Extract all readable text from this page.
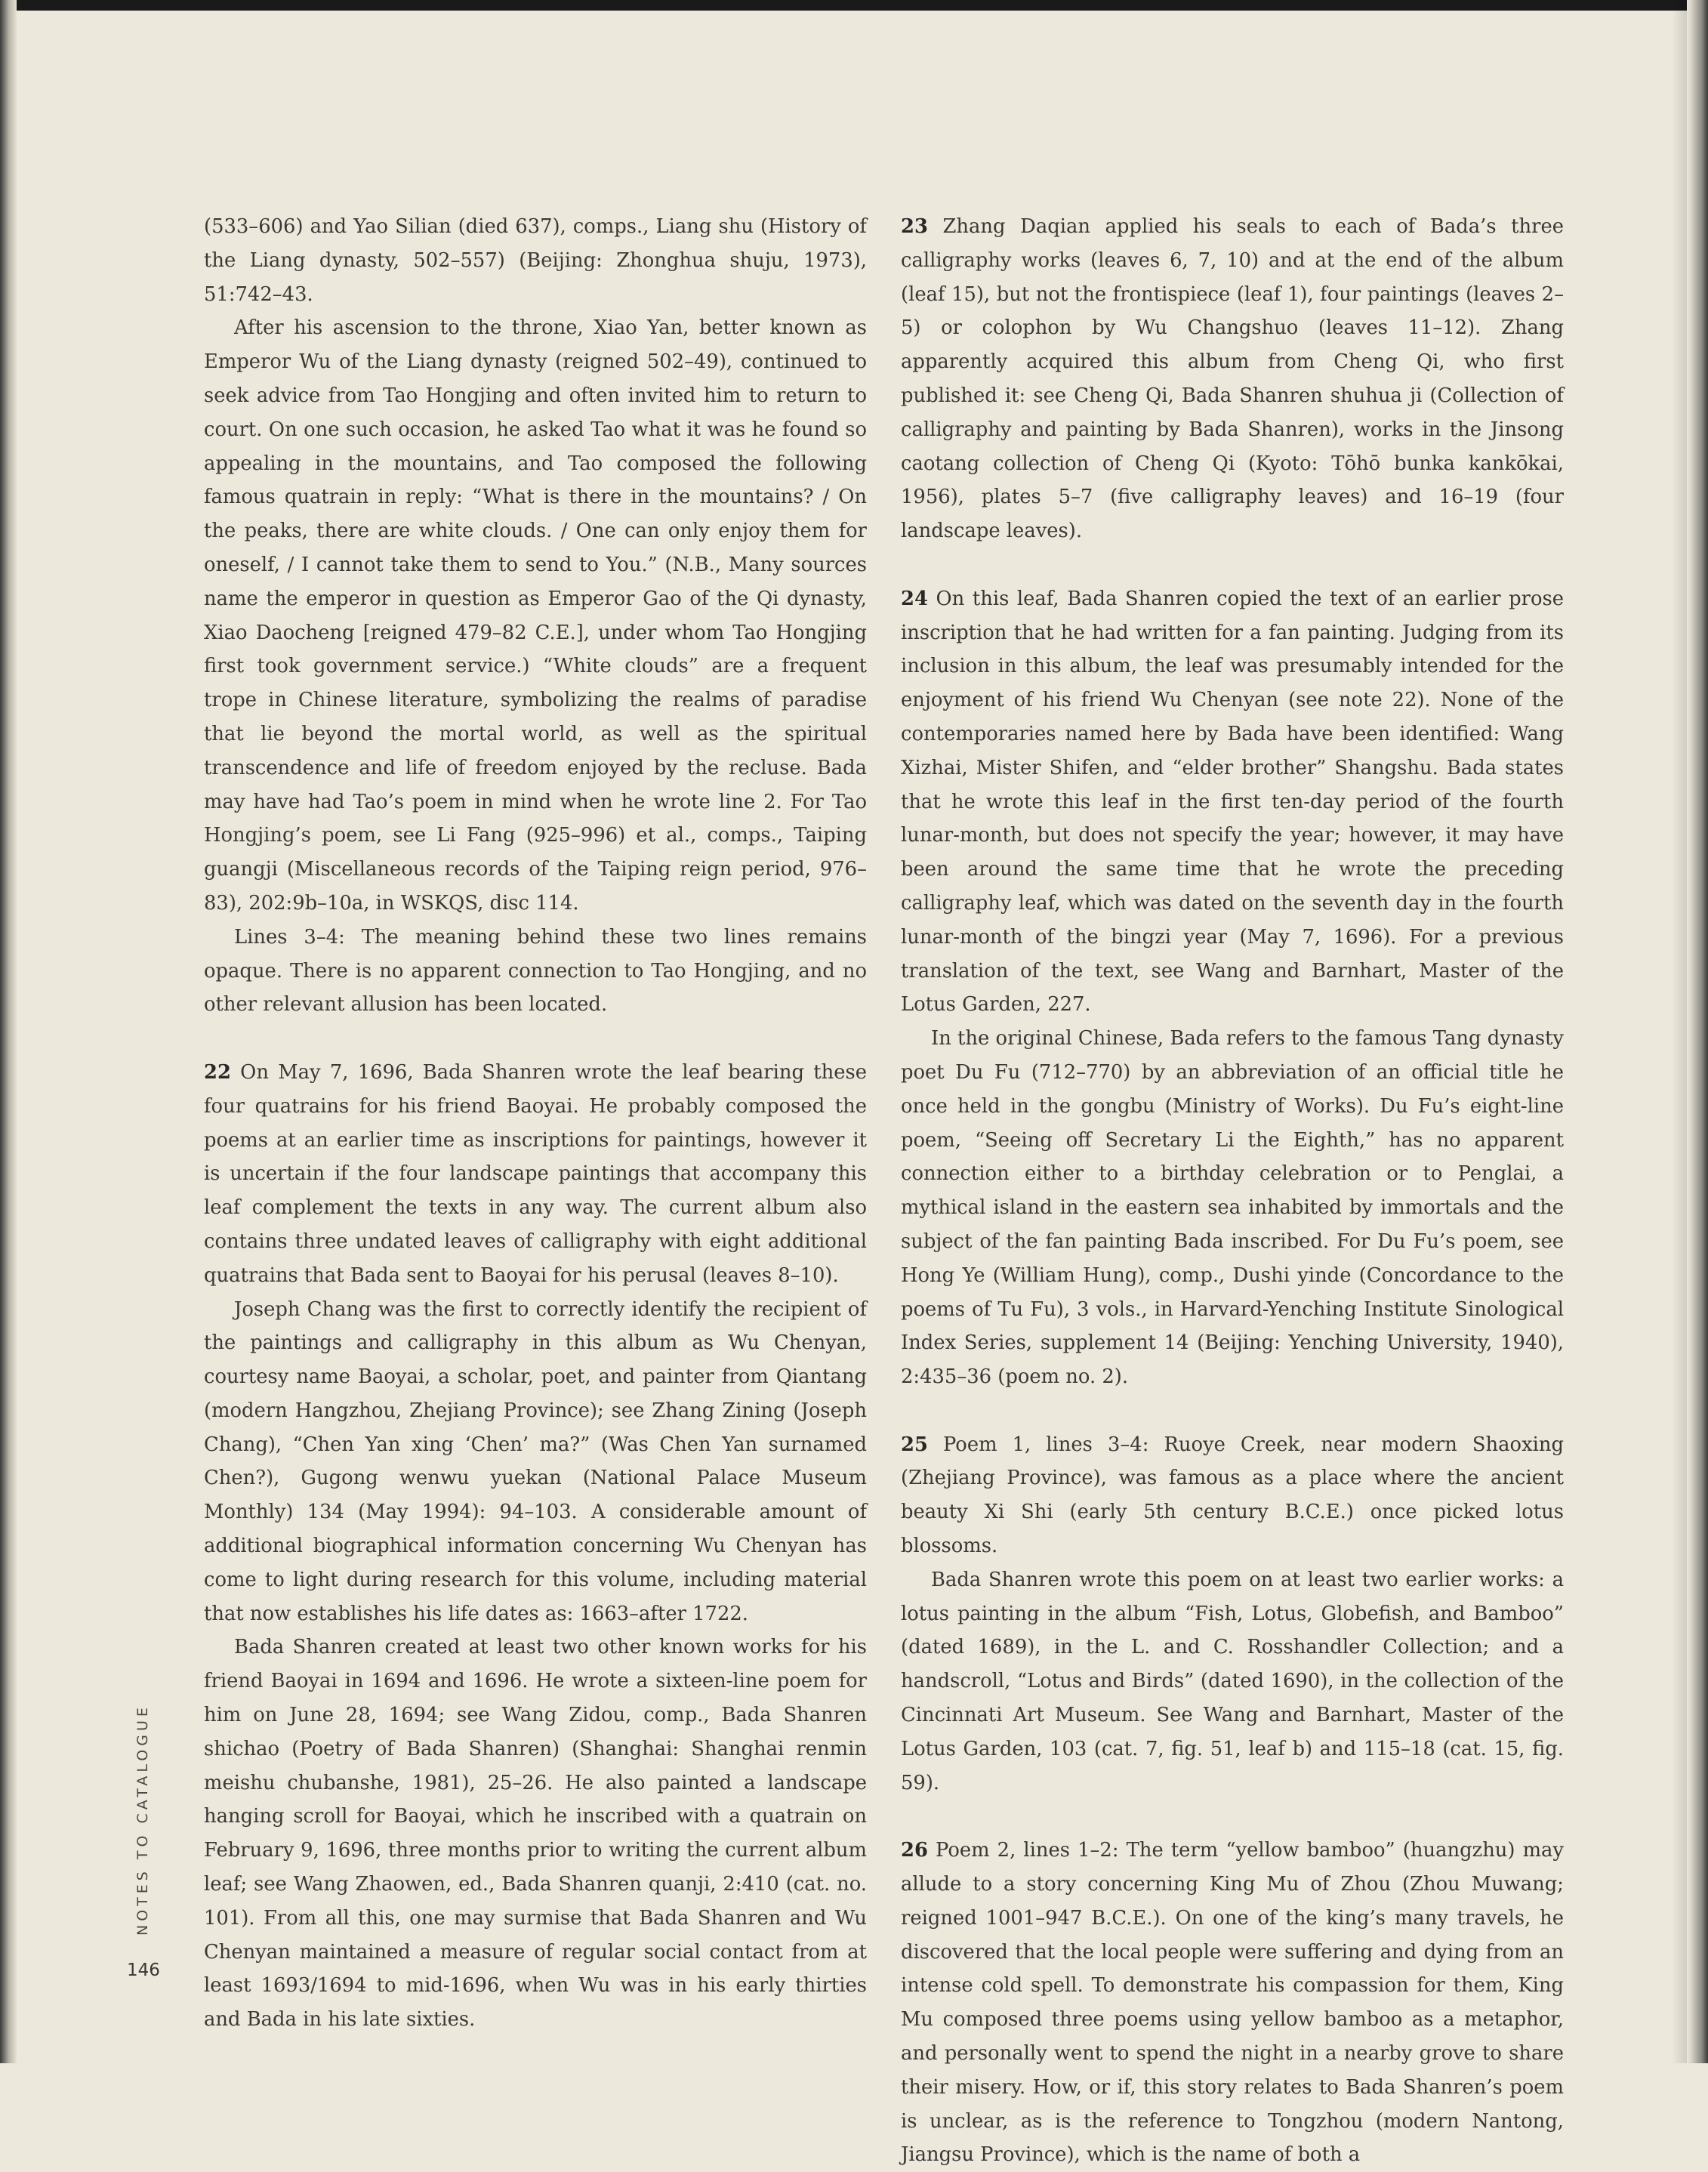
(533–606) and Yao Silian (died 637), comps., Liang shu (History of the Liang dynasty, 502–557) (Beijing: Zhonghua shuju, 1973), 51:742–43.

After his ascension to the throne, Xiao Yan, better known as Emperor Wu of the Liang dynasty (reigned 502–49), continued to seek advice from Tao Hongjing and often invited him to return to court. On one such occasion, he asked Tao what it was he found so appealing in the mountains, and Tao composed the following famous quatrain in reply: “What is there in the mountains? / On the peaks, there are white clouds. / One can only enjoy them for oneself, / I cannot take them to send to You.” (N.B., Many sources name the emperor in question as Emperor Gao of the Qi dynasty, Xiao Daocheng [reigned 479–82 C.E.], under whom Tao Hongjing first took government service.) “White clouds” are a frequent trope in Chinese literature, symbolizing the realms of paradise that lie beyond the mortal world, as well as the spiritual transcendence and life of freedom enjoyed by the recluse. Bada may have had Tao’s poem in mind when he wrote line 2. For Tao Hongjing’s poem, see Li Fang (925–996) et al., comps., Taiping guangji (Miscellaneous records of the Taiping reign period, 976–83), 202:9b–10a, in WSKQS, disc 114.

Lines 3–4: The meaning behind these two lines remains opaque. There is no apparent connection to Tao Hongjing, and no other relevant allusion has been located.

22 On May 7, 1696, Bada Shanren wrote the leaf bearing these four quatrains for his friend Baoyai. He probably composed the poems at an earlier time as inscriptions for paintings, however it is uncertain if the four landscape paintings that accompany this leaf complement the texts in any way. The current album also contains three undated leaves of calligraphy with eight additional quatrains that Bada sent to Baoyai for his perusal (leaves 8–10).

Joseph Chang was the first to correctly identify the recipient of the paintings and calligraphy in this album as Wu Chenyan, courtesy name Baoyai, a scholar, poet, and painter from Qiantang (modern Hangzhou, Zhejiang Province); see Zhang Zining (Joseph Chang), “Chen Yan xing ‘Chen’ ma?” (Was Chen Yan surnamed Chen?), Gugong wenwu yuekan (National Palace Museum Monthly) 134 (May 1994): 94–103. A considerable amount of additional biographical information concerning Wu Chenyan has come to light during research for this volume, including material that now establishes his life dates as: 1663–after 1722.

Bada Shanren created at least two other known works for his friend Baoyai in 1694 and 1696. He wrote a sixteen-line poem for him on June 28, 1694; see Wang Zidou, comp., Bada Shanren shichao (Poetry of Bada Shanren) (Shanghai: Shanghai renmin meishu chubanshe, 1981), 25–26. He also painted a landscape hanging scroll for Baoyai, which he inscribed with a quatrain on February 9, 1696, three months prior to writing the current album leaf; see Wang Zhaowen, ed., Bada Shanren quanji, 2:410 (cat. no. 101). From all this, one may surmise that Bada Shanren and Wu Chenyan maintained a measure of regular social contact from at least 1693/1694 to mid-1696, when Wu was in his early thirties and Bada in his late sixties.

23 Zhang Daqian applied his seals to each of Bada’s three calligraphy works (leaves 6, 7, 10) and at the end of the album (leaf 15), but not the frontispiece (leaf 1), four paintings (leaves 2–5) or colophon by Wu Changshuo (leaves 11–12). Zhang apparently acquired this album from Cheng Qi, who first published it: see Cheng Qi, Bada Shanren shuhua ji (Collection of calligraphy and painting by Bada Shanren), works in the Jinsong caotang collection of Cheng Qi (Kyoto: Tōhō bunka kankōkai, 1956), plates 5–7 (five calligraphy leaves) and 16–19 (four landscape leaves).

24 On this leaf, Bada Shanren copied the text of an earlier prose inscription that he had written for a fan painting. Judging from its inclusion in this album, the leaf was presumably intended for the enjoyment of his friend Wu Chenyan (see note 22). None of the contemporaries named here by Bada have been identified: Wang Xizhai, Mister Shifen, and “elder brother” Shangshu. Bada states that he wrote this leaf in the first ten-day period of the fourth lunar-month, but does not specify the year; however, it may have been around the same time that he wrote the preceding calligraphy leaf, which was dated on the seventh day in the fourth lunar-month of the bingzi year (May 7, 1696). For a previous translation of the text, see Wang and Barnhart, Master of the Lotus Garden, 227.

In the original Chinese, Bada refers to the famous Tang dynasty poet Du Fu (712–770) by an abbreviation of an official title he once held in the gongbu (Ministry of Works). Du Fu’s eight-line poem, “Seeing off Secretary Li the Eighth,” has no apparent connection either to a birthday celebration or to Penglai, a mythical island in the eastern sea inhabited by immortals and the subject of the fan painting Bada inscribed. For Du Fu’s poem, see Hong Ye (William Hung), comp., Dushi yinde (Concordance to the poems of Tu Fu), 3 vols., in Harvard-Yenching Institute Sinological Index Series, supplement 14 (Beijing: Yenching University, 1940), 2:435–36 (poem no. 2).

25 Poem 1, lines 3–4: Ruoye Creek, near modern Shaoxing (Zhejiang Province), was famous as a place where the ancient beauty Xi Shi (early 5th century B.C.E.) once picked lotus blossoms.

Bada Shanren wrote this poem on at least two earlier works: a lotus painting in the album “Fish, Lotus, Globefish, and Bamboo” (dated 1689), in the L. and C. Rosshandler Collection; and a handscroll, “Lotus and Birds” (dated 1690), in the collection of the Cincinnati Art Museum. See Wang and Barnhart, Master of the Lotus Garden, 103 (cat. 7, fig. 51, leaf b) and 115–18 (cat. 15, fig. 59).

26 Poem 2, lines 1–2: The term “yellow bamboo” (huangzhu) may allude to a story concerning King Mu of Zhou (Zhou Muwang; reigned 1001–947 B.C.E.). On one of the king’s many travels, he discovered that the local people were suffering and dying from an intense cold spell. To demonstrate his compassion for them, King Mu composed three poems using yellow bamboo as a metaphor, and personally went to spend the night in a nearby grove to share their misery. How, or if, this story relates to Bada Shanren’s poem is unclear, as is the reference to Tongzhou (modern Nantong, Jiangsu Province), which is the name of both a

NOTES TO CATALOGUE
146
